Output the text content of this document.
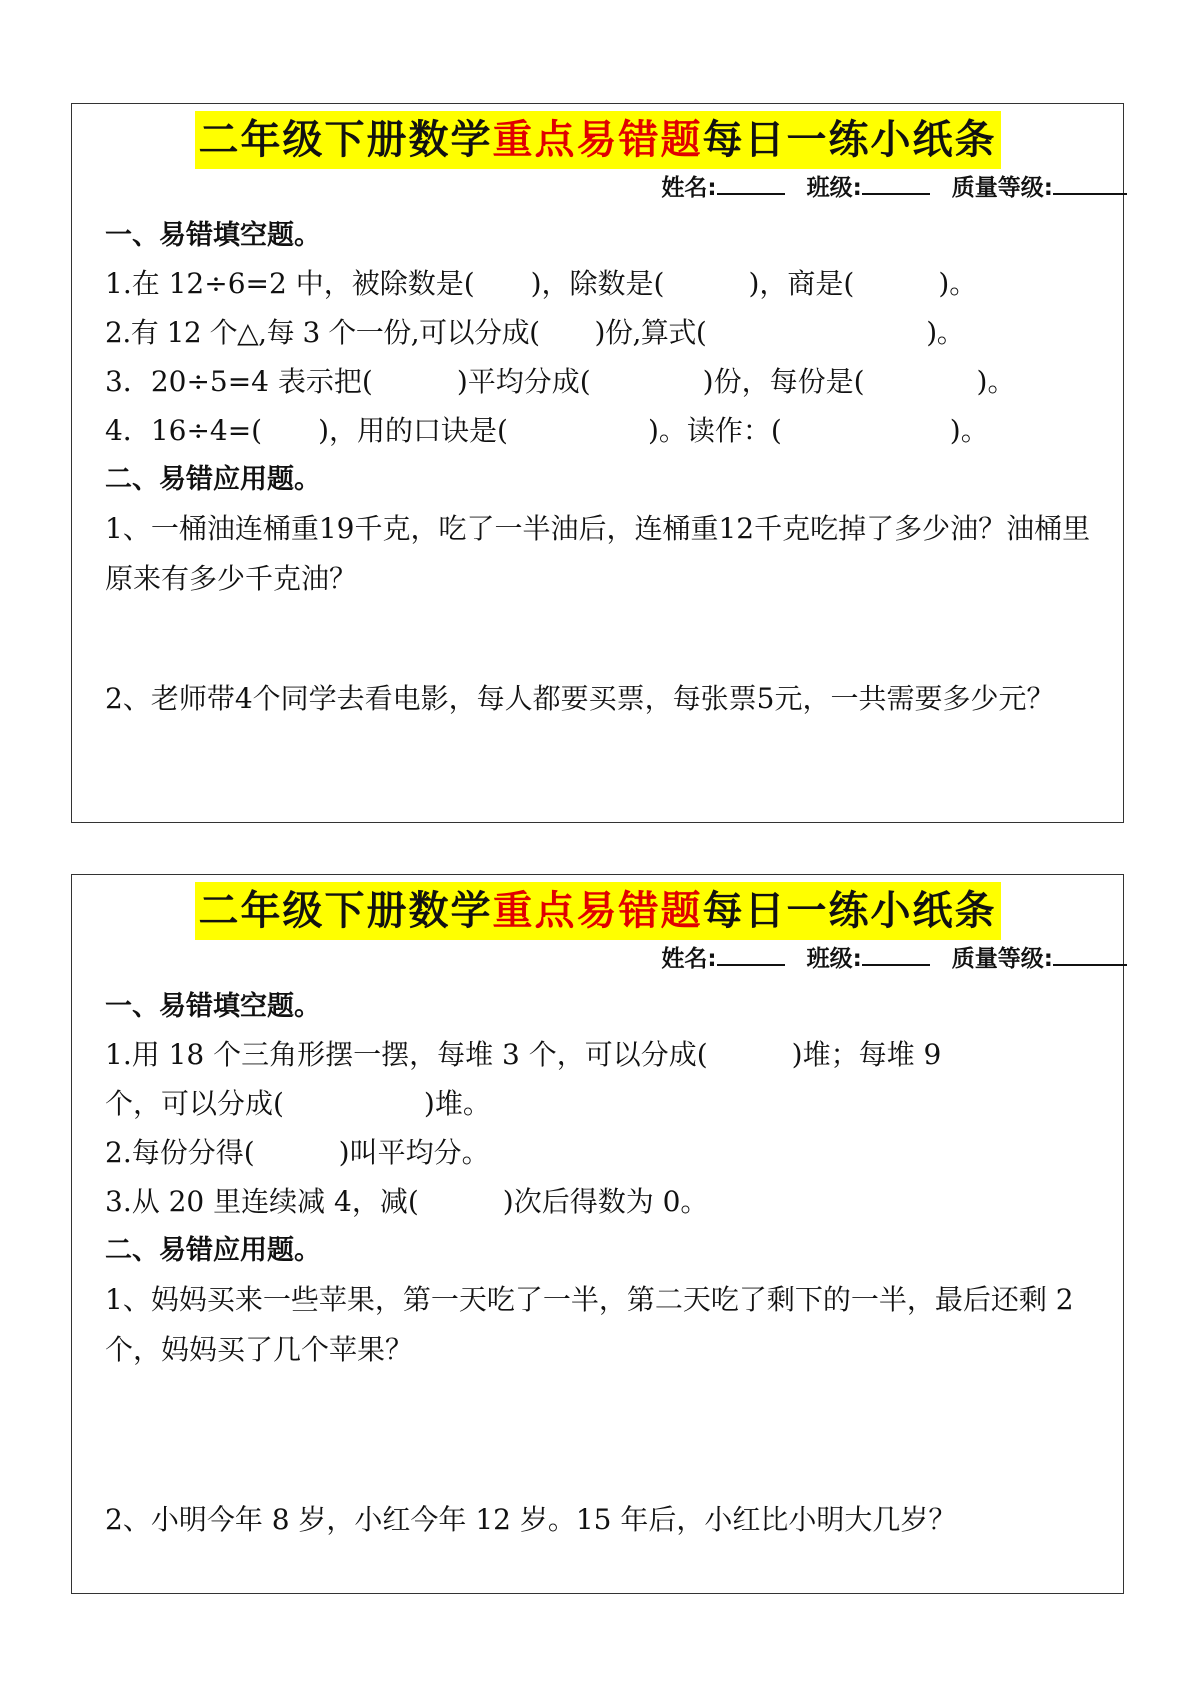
二年级下册数学重点易错题每日一练小纸条
姓名:	班级:	质量等级:
一、易错填空题。
1.在 12÷6=2 中，被除数是(　　)，除数是(　　　)，商是(　　　)。
2.有 12 个△,每 3 个一份,可以分成(　　)份,算式(　　　　　　　　)。
3．20÷5=4 表示把(　　　)平均分成(　　　　)份，每份是(　　　　)。
4．16÷4=(　　)，用的口诀是(　　　　　)。读作：(　　　　　　)。
二、易错应用题。
1、一桶油连桶重19千克，吃了一半油后，连桶重12千克吃掉了多少油？油桶里原来有多少千克油？
2、老师带4个同学去看电影，每人都要买票，每张票5元，一共需要多少元？
二年级下册数学重点易错题每日一练小纸条
姓名:	班级:	质量等级:
一、易错填空题。
1.用 18 个三角形摆一摆，每堆 3 个，可以分成(　　　)堆；每堆 9
个，可以分成(　　　　　)堆。
2.每份分得(　　　)叫平均分。
3.从 20 里连续减 4，减(　　　)次后得数为 0。
二、易错应用题。
1、妈妈买来一些苹果，第一天吃了一半，第二天吃了剩下的一半，最后还剩 2 个，妈妈买了几个苹果？
2、小明今年 8 岁，小红今年 12 岁。15 年后，小红比小明大几岁？
